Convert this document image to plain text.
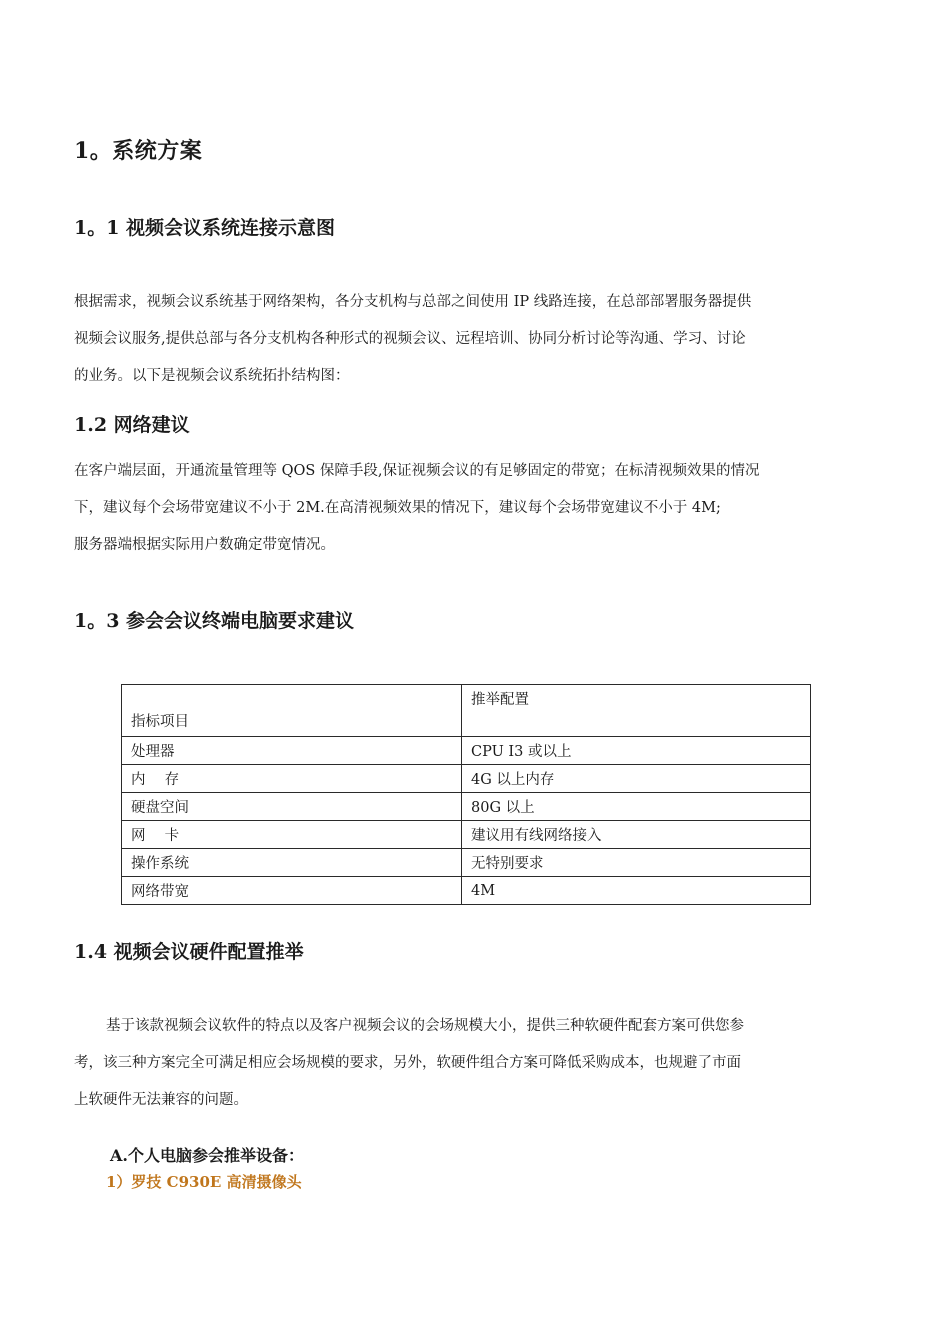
1。系统方案
1。1 视频会议系统连接示意图
根据需求，视频会议系统基于网络架构，各分支机构与总部之间使用 IP 线路连接，在总部部署服务器提供
视频会议服务,提供总部与各分支机构各种形式的视频会议、远程培训、协同分析讨论等沟通、学习、讨论
的业务。以下是视频会议系统拓扑结构图：
1.2 网络建议
在客户端层面，开通流量管理等 QOS 保障手段,保证视频会议的有足够固定的带宽；在标清视频效果的情况
下，建议每个会场带宽建议不小于 2M.在高清视频效果的情况下，建议每个会场带宽建议不小于 4M;
服务器端根据实际用户数确定带宽情况。
1。3 参会会议终端电脑要求建议
指标项目	推举配置
处理器	CPU I3 或以上
内　 存	4G 以上内存
硬盘空间	80G 以上
网　 卡	建议用有线网络接入
操作系统	无特别要求
网络带宽	4M
1.4 视频会议硬件配置推举
基于该款视频会议软件的特点以及客户视频会议的会场规模大小，提供三种软硬件配套方案可供您参
考，该三种方案完全可满足相应会场规模的要求，另外，软硬件组合方案可降低采购成本，也规避了市面
上软硬件无法兼容的问题。
A.个人电脑参会推举设备：
1）罗技 C930E 高清摄像头
